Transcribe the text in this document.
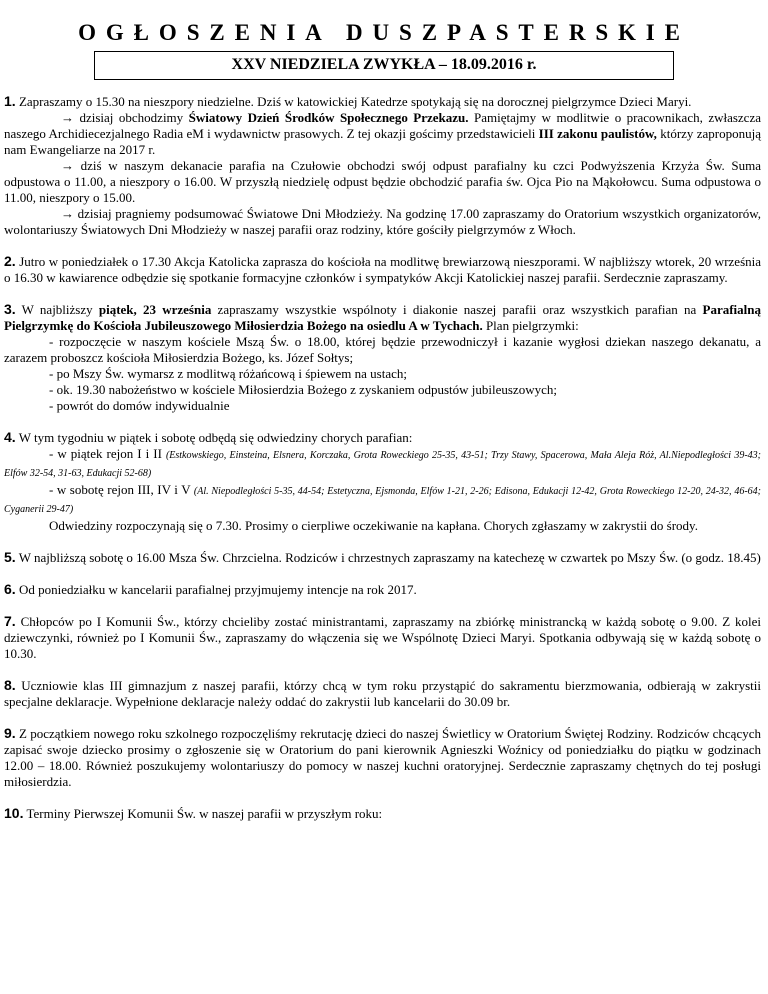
OGŁOSZENIA DUSZPASTERSKIE
XXV NIEDZIELA ZWYKŁA – 18.09.2016 r.

1. Zapraszamy o 15.30 na nieszpory niedzielne. Dziś w katowickiej Katedrze spotykają się na dorocznej pielgrzymce Dzieci Maryi.

→ dzisiaj obchodzimy Światowy Dzień Środków Społecznego Przekazu. Pamiętajmy w modlitwie o pracownikach, zwłaszcza naszego Archidiecezjalnego Radia eM i wydawnictw prasowych. Z tej okazji gościmy przedstawicieli III zakonu paulistów, którzy zaproponują nam Ewangeliarze na 2017 r.

→ dziś w naszym dekanacie parafia na Czułowie obchodzi swój odpust parafialny ku czci Podwyższenia Krzyża Św. Suma odpustowa o 11.00, a nieszpory o 16.00. W przyszłą niedzielę odpust będzie obchodzić parafia św. Ojca Pio na Mąkołowcu. Suma odpustowa o 11.00, nieszpory o 15.00.

→ dzisiaj pragniemy podsumować Światowe Dni Młodzieży. Na godzinę 17.00 zapraszamy do Oratorium wszystkich organizatorów, wolontariuszy Światowych Dni Młodzieży w naszej parafii oraz rodziny, które gościły pielgrzymów z Włoch.

2. Jutro w poniedziałek o 17.30 Akcja Katolicka zaprasza do kościoła na modlitwę brewiarzową nieszporami. W najbliższy wtorek, 20 września o 16.30 w kawiarence odbędzie się spotkanie formacyjne członków i sympatyków Akcji Katolickiej naszej parafii. Serdecznie zapraszamy.

3. W najbliższy piątek, 23 września zapraszamy wszystkie wspólnoty i diakonie naszej parafii oraz wszystkich parafian na Parafialną Pielgrzymkę do Kościoła Jubileuszowego Miłosierdzia Bożego na osiedlu A w Tychach. Plan pielgrzymki:

- rozpoczęcie w naszym kościele Mszą Św. o 18.00, której będzie przewodniczył i kazanie wygłosi dziekan naszego dekanatu, a zarazem proboszcz kościoła Miłosierdzia Bożego, ks. Józef Sołtys;

- po Mszy Św. wymarsz z modlitwą różańcową i śpiewem na ustach;

- ok. 19.30 nabożeństwo w kościele Miłosierdzia Bożego z zyskaniem odpustów jubileuszowych;

- powrót do domów indywidualnie

4. W tym tygodniu w piątek i sobotę odbędą się odwiedziny chorych parafian:

- w piątek rejon I i II (Estkowskiego, Einsteina, Elsnera, Korczaka, Grota Roweckiego 25-35, 43-51; Trzy Stawy, Spacerowa, Mała Aleja Róż, Al.Niepodległości 39-43; Elfów 32-54, 31-63, Edukacji 52-68)

- w sobotę rejon III, IV i V (Al. Niepodległości 5-35, 44-54; Estetyczna, Ejsmonda, Elfów 1-21, 2-26; Edisona, Edukacji 12-42, Grota Roweckiego 12-20, 24-32, 46-64; Cyganerii 29-47)

Odwiedziny rozpoczynają się o 7.30. Prosimy o cierpliwe oczekiwanie na kapłana. Chorych zgłaszamy w zakrystii do środy.

5. W najbliższą sobotę o 16.00 Msza Św. Chrzcielna. Rodziców i chrzestnych zapraszamy na katechezę w czwartek po Mszy Św. (o godz. 18.45)

6. Od poniedziałku w kancelarii parafialnej przyjmujemy intencje na rok 2017.

7. Chłopców po I Komunii Św., którzy chcieliby zostać ministrantami, zapraszamy na zbiórkę ministrancką w każdą sobotę o 9.00. Z kolei dziewczynki, również po I Komunii Św., zapraszamy do włączenia się we Wspólnotę Dzieci Maryi. Spotkania odbywają się w każdą sobotę o 10.30.

8. Uczniowie klas III gimnazjum z naszej parafii, którzy chcą w tym roku przystąpić do sakramentu bierzmowania, odbierają w zakrystii specjalne deklaracje. Wypełnione deklaracje należy oddać do zakrystii lub kancelarii do 30.09 br.

9. Z początkiem nowego roku szkolnego rozpoczęliśmy rekrutację dzieci do naszej Świetlicy w Oratorium Świętej Rodziny. Rodziców chcących zapisać swoje dziecko prosimy o zgłoszenie się w Oratorium do pani kierownik Agnieszki Woźnicy od poniedziałku do piątku w godzinach 12.00 – 18.00. Również poszukujemy wolontariuszy do pomocy w naszej kuchni oratoryjnej. Serdecznie zapraszamy chętnych do tej posługi miłosierdzia.

10. Terminy Pierwszej Komunii Św. w naszej parafii w przyszłym roku:
